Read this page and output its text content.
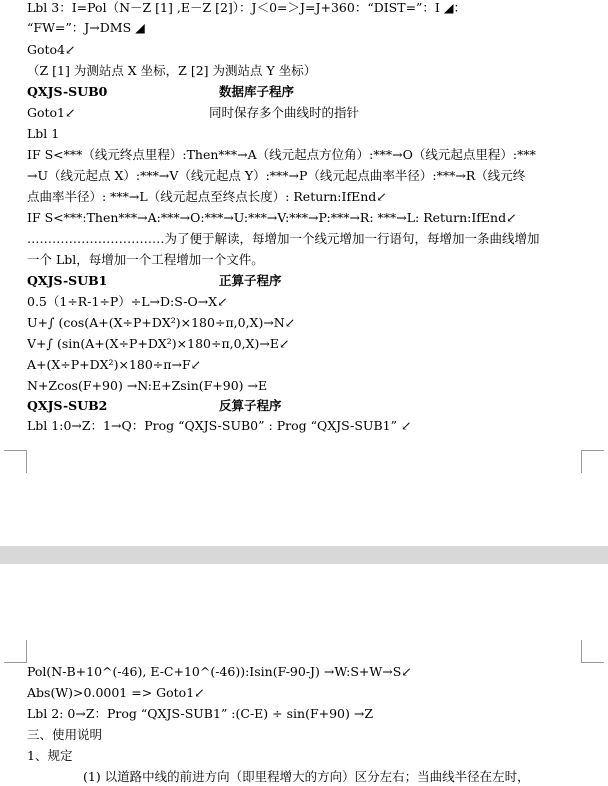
Lbl 3：I=Pol（N－Z [1] ,E－Z [2]）：J＜0=＞J=J+360：“DIST=”：I ◢：
“FW=”：J→DMS ◢
Goto4↙
（Z [1] 为测站点 X 坐标，Z [2] 为测站点 Y 坐标）
QXJS-SUB0	数据库子程序
Goto1↙	同时保存多个曲线时的指针
Lbl 1
IF S<***（线元终点里程）:Then***→A（线元起点方位角）:***→O（线元起点里程）:***
→U（线元起点 X）:***→V（线元起点 Y）:***→P（线元起点曲率半径）:***→R（线元终
点曲率半径）: ***→L（线元起点至终点长度）: Return:IfEnd↙
IF S<***:Then***→A:***→O:***→U:***→V:***→P:***→R: ***→L: Return:IfEnd↙
……………………………为了便于解读，每增加一个线元增加一行语句，每增加一条曲线增加
一个 Lbl，每增加一个工程增加一个文件。
QXJS-SUB1	正算子程序
0.5（1÷R-1÷P）÷L→D:S-O→X↙
U+∫ (cos(A+(X÷P+DX²)×180÷π,0,X)→N↙
V+∫ (sin(A+(X÷P+DX²)×180÷π,0,X)→E↙
A+(X÷P+DX²)×180÷π→F↙
N+Zcos(F+90) →N:E+Zsin(F+90) →E
QXJS-SUB2	反算子程序
Lbl 1:0→Z：1→Q：Prog “QXJS-SUB0” : Prog “QXJS-SUB1” ↙
Pol(N-B+10^(-46), E-C+10^(-46)):Isin(F-90-J) →W:S+W→S↙
Abs(W)>0.0001 => Goto1↙
Lbl 2: 0→Z：Prog “QXJS-SUB1” :(C-E) ÷ sin(F+90) →Z
三、使用说明
1、规定
(1) 以道路中线的前进方向（即里程增大的方向）区分左右；当曲线半径在左时，
